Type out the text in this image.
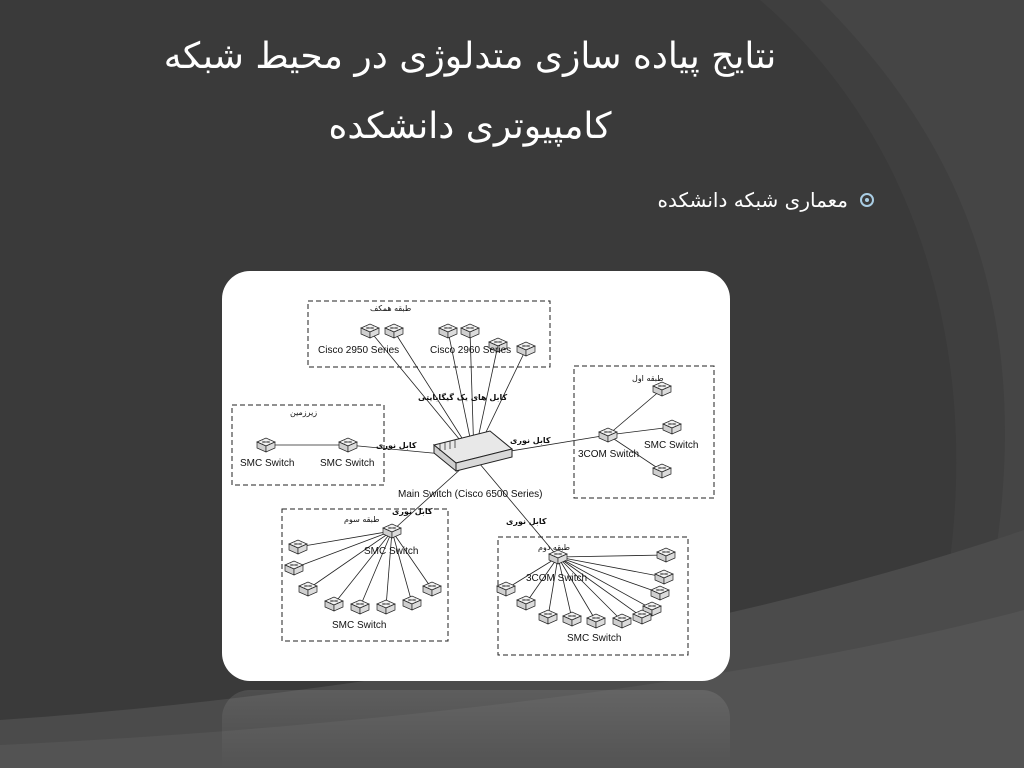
نتایج پیاده سازی متدلوژی در محیط شبکه
کامپیوتری دانشکده
معماری شبکه دانشکده
Main Switch (Cisco 6500 Series)
طبقه همکف
Cisco 2950 Series	Cisco 2960 Series
زیرزمین
SMC Switch	SMC Switch
طبقه اول
3COM Switch
SMC Switch
طبقه سوم
SMC Switch
SMC Switch
طبقه دوم
3COM Switch
SMC Switch
کابل های یک گیگابایتی
کابل نوری
کابل نوری
کابل نوری
کابل نوری
